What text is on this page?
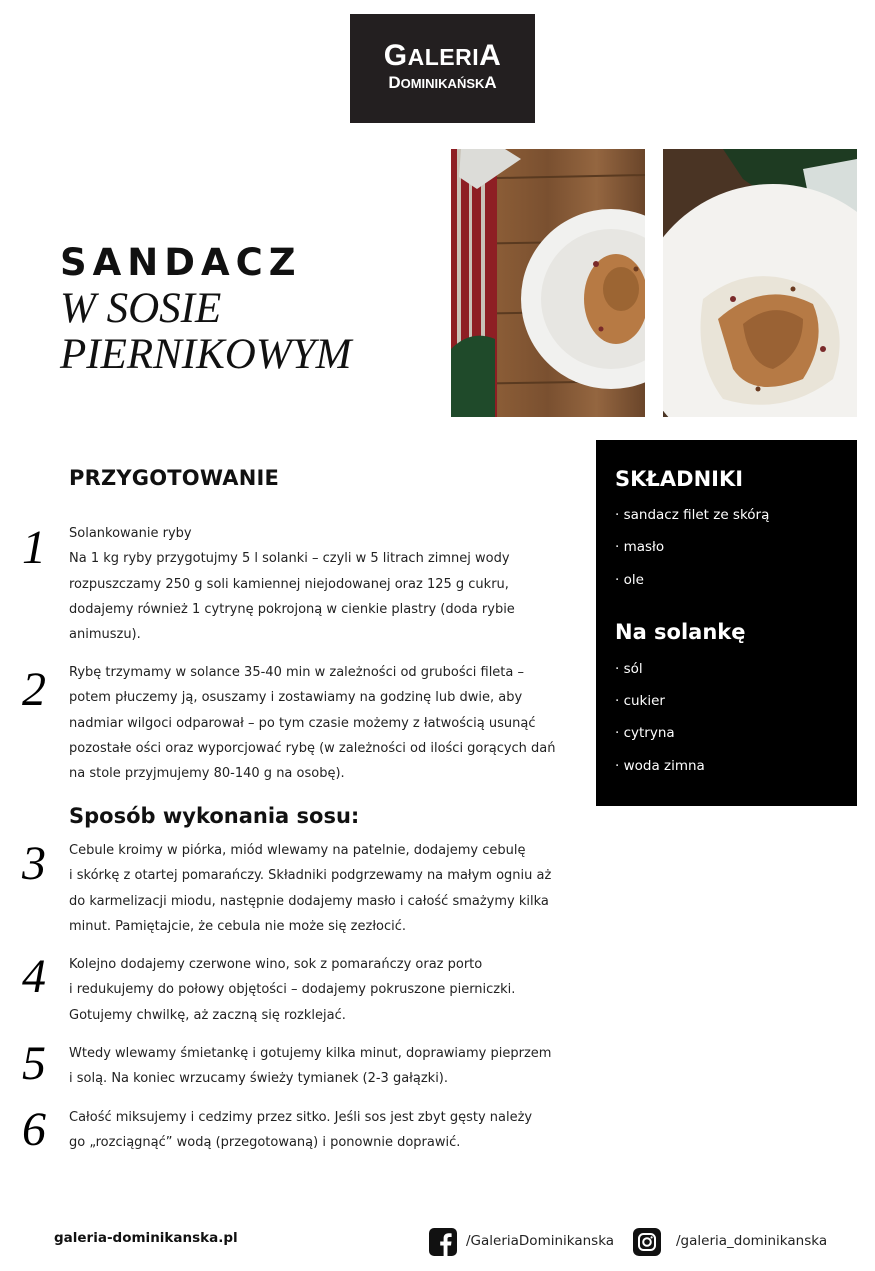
GALERIA
DOMINIKAŃSKA
SANDACZ
W SOSIE
PIERNIKOWYM
PRZYGOTOWANIE
1 Solankowanie ryby
Na 1 kg ryby przygotujmy 5 l solanki – czyli w 5 litrach zimnej wody
rozpuszczamy 250 g soli kamiennej niejodowanej oraz 125 g cukru,
dodajemy również 1 cytrynę pokrojoną w cienkie plastry (doda rybie
animuszu).
2 Rybę trzymamy w solance 35-40 min w zależności od grubości fileta –
potem płuczemy ją, osuszamy i zostawiamy na godzinę lub dwie, aby
nadmiar wilgoci odparował – po tym czasie możemy z łatwością usunąć
pozostałe ości oraz wyporcjować rybę (w zależności od ilości gorących dań
na stole przyjmujemy 80-140 g na osobę).
Sposób wykonania sosu:
3 Cebule kroimy w piórka, miód wlewamy na patelnie, dodajemy cebulę
i skórkę z otartej pomarańczy. Składniki podgrzewamy na małym ogniu aż
do karmelizacji miodu, następnie dodajemy masło i całość smażymy kilka
minut. Pamiętajcie, że cebula nie może się zezłocić.
4 Kolejno dodajemy czerwone wino, sok z pomarańczy oraz porto
i redukujemy do połowy objętości – dodajemy pokruszone pierniczki.
Gotujemy chwilkę, aż zaczną się rozklejać.
5 Wtedy wlewamy śmietankę i gotujemy kilka minut, doprawiamy pieprzem
i solą. Na koniec wrzucamy świeży tymianek (2-3 gałązki).
6 Całość miksujemy i cedzimy przez sitko. Jeśli sos jest zbyt gęsty należy
go „rozciągnąć” wodą (przegotowaną) i ponownie doprawić.
SKŁADNIKI
· sandacz filet ze skórą
· masło
· ole
Na solankę
· sól
· cukier
· cytryna
· woda zimna
galeria-dominikanska.pl	/GaleriaDominikanska	/galeria_dominikanska
